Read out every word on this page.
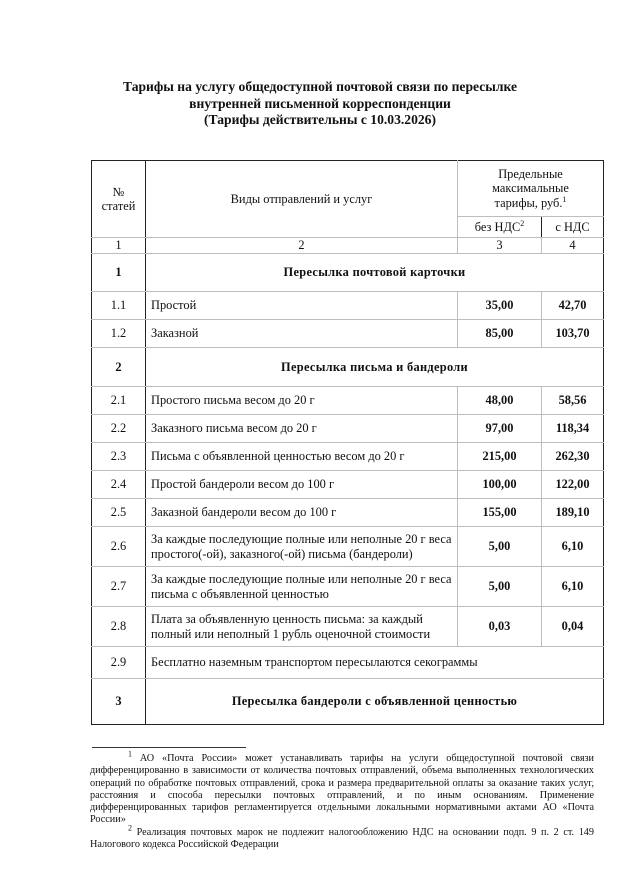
Тарифы на услугу общедоступной почтовой связи по пересылке
внутренней письменной корреспонденции
(Тарифы действительны с 10.03.2026)
№
статей
	Виды отправлений и услуг	
Предельные
максимальные
тарифы, руб.$^1$

		без НДС$^2$	с НДС
1	2	3	4
1	Пересылка почтовой карточки		
1.1	Простой	35,00	42,70
1.2	Заказной	85,00	103,70
2	Пересылка письма и бандероли		
2.1	Простого письма весом до 20 г	48,00	58,56
2.2	Заказного письма весом до 20 г	97,00	118,34
2.3	Письма с объявленной ценностью весом до 20 г	215,00	262,30
2.4	Простой бандероли весом до 100 г	100,00	122,00
2.5	Заказной бандероли весом до 100 г	155,00	189,10
2.6	За каждые последующие полные или неполные 20 г веса простого(-ой), заказного(-ой) письма (бандероли)	5,00	6,10
2.7	За каждые последующие полные или неполные 20 г веса письма с объявленной ценностью	5,00	6,10
2.8	Плата за объявленную ценность письма: за каждый полный или неполный 1 рубль оценочной стоимости	0,03	0,04
2.9	Бесплатно наземным транспортом пересылаются секограммы		
3	Пересылка бандероли с объявленной ценностью		

$^1$ АО «Почта России» может устанавливать тарифы на услуги общедоступной почтовой связи дифференцированно в зависимости от количества почтовых отправлений, объема выполненных технологических операций по обработке почтовых отправлений, срока и размера предварительной оплаты за оказание таких услуг, расстояния и способа пересылки почтовых отправлений, и по иным основаниям. Применение дифференцированных тарифов регламентируется отдельными локальными нормативными актами АО «Почта России»

$^2$ Реализация почтовых марок не подлежит налогообложению НДС на основании подп. 9 п. 2 ст. 149 Налогового кодекса Российской Федерации
